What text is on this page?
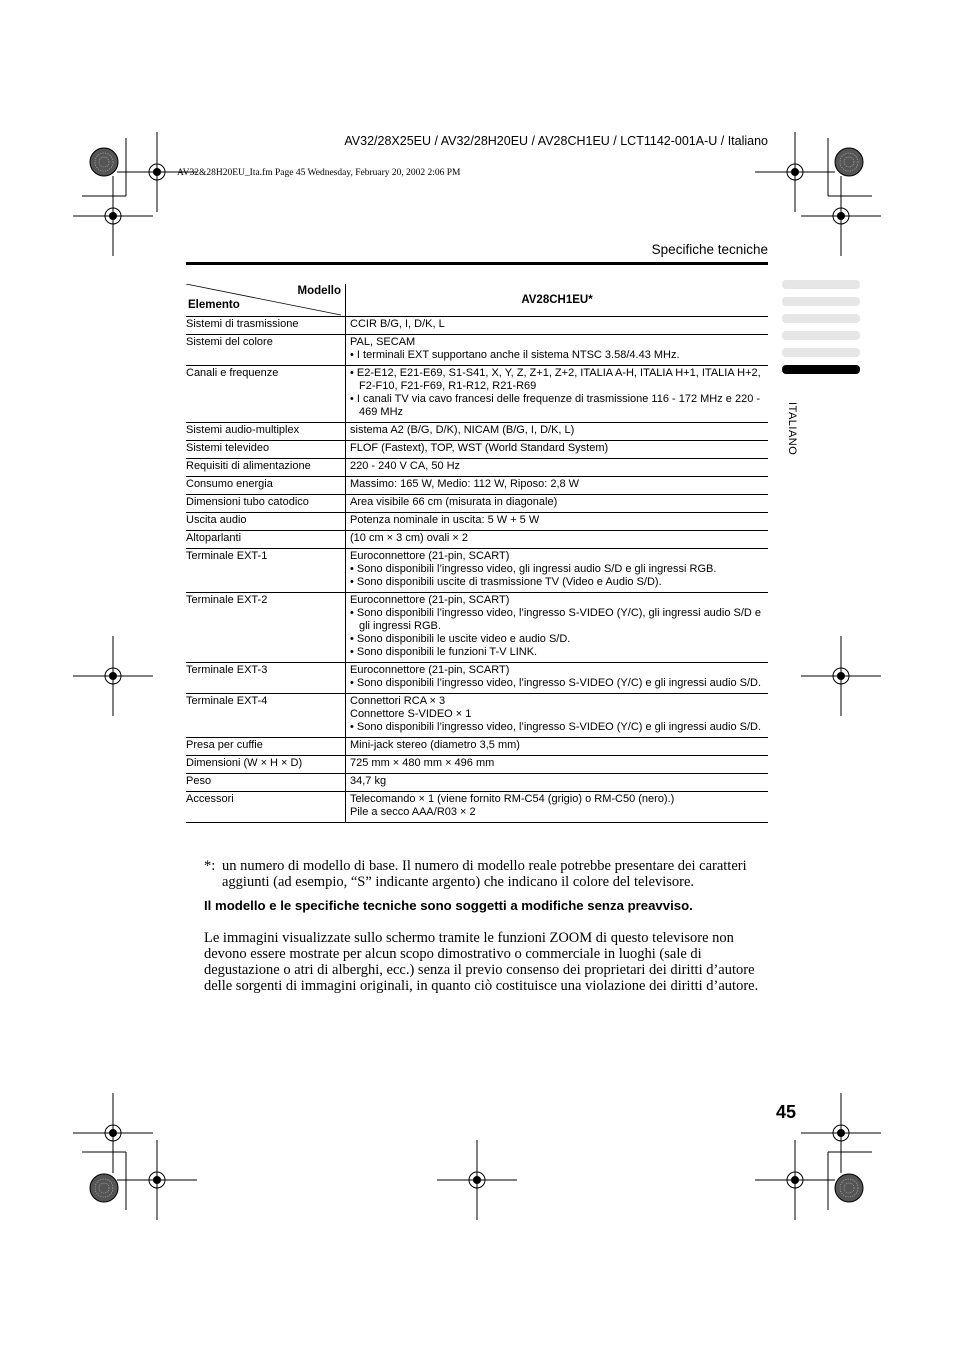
AV32/28X25EU / AV32/28H20EU / AV28CH1EU / LCT1142-001A-U / Italiano
AV32&28H20EU_Ita.fm Page 45 Wednesday, February 20, 2002 2:06 PM
Specifiche tecniche
Modello
Elemento	AV28CH1EU*
Sistemi di trasmissione	CCIR B/G, I, D/K, L

Sistemi del colore	PAL, SECAM
• I terminali EXT supportano anche il sistema NTSC 3.58/4.43 MHz.

Canali e frequenze	• E2-E12, E21-E69, S1-S41, X, Y, Z, Z+1, Z+2, ITALIA A-H, ITALIA H+1, ITALIA H+2, F2-F10, F21-F69, R1-R12, R21-R69
• I canali TV via cavo francesi delle frequenze di trasmissione 116 - 172 MHz e 220 - 469 MHz

Sistemi audio-multiplex	sistema A2 (B/G, D/K), NICAM (B/G, I, D/K, L)

Sistemi televideo	FLOF (Fastext), TOP, WST (World Standard System)

Requisiti di alimentazione	220 - 240 V CA, 50 Hz

Consumo energia	Massimo: 165 W, Medio: 112 W, Riposo: 2,8 W

Dimensioni tubo catodico	Area visibile 66 cm (misurata in diagonale)

Uscita audio	Potenza nominale in uscita: 5 W + 5 W

Altoparlanti	(10 cm × 3 cm) ovali × 2

Terminale EXT-1	Euroconnettore (21-pin, SCART)
• Sono disponibili l’ingresso video, gli ingressi audio S/D e gli ingressi RGB.
• Sono disponibili uscite di trasmissione TV (Video e Audio S/D).

Terminale EXT-2	Euroconnettore (21-pin, SCART)
• Sono disponibili l’ingresso video, l’ingresso S-VIDEO (Y/C), gli ingressi audio S/D e gli ingressi RGB.
• Sono disponibili le uscite video e audio S/D.
• Sono disponibili le funzioni T-V LINK.

Terminale EXT-3	Euroconnettore (21-pin, SCART)
• Sono disponibili l’ingresso video, l’ingresso S-VIDEO (Y/C) e gli ingressi audio S/D.

Terminale EXT-4	Connettori RCA × 3
Connettore S-VIDEO × 1
• Sono disponibili l’ingresso video, l’ingresso S-VIDEO (Y/C) e gli ingressi audio S/D.

Presa per cuffie	Mini-jack stereo (diametro 3,5 mm)

Dimensioni (W × H × D)	725 mm × 480 mm × 496 mm

Peso	34,7 kg

Accessori	Telecomando × 1 (viene fornito RM-C54 (grigio) o RM-C50 (nero).)
Pile a secco AAA/R03 × 2
*: un numero di modello di base. Il numero di modello reale potrebbe presentare dei caratteri aggiunti (ad esempio, “S” indicante argento) che indicano il colore del televisore.
Il modello e le specifiche tecniche sono soggetti a modifiche senza preavviso.
Le immagini visualizzate sullo schermo tramite le funzioni ZOOM di questo televisore non devono essere mostrate per alcun scopo dimostrativo o commerciale in luoghi (sale di degustazione o atri di alberghi, ecc.) senza il previo consenso dei proprietari dei diritti d’autore delle sorgenti di immagini originali, in quanto ciò costituisce una violazione dei diritti d’autore.
ITALIANO
45
